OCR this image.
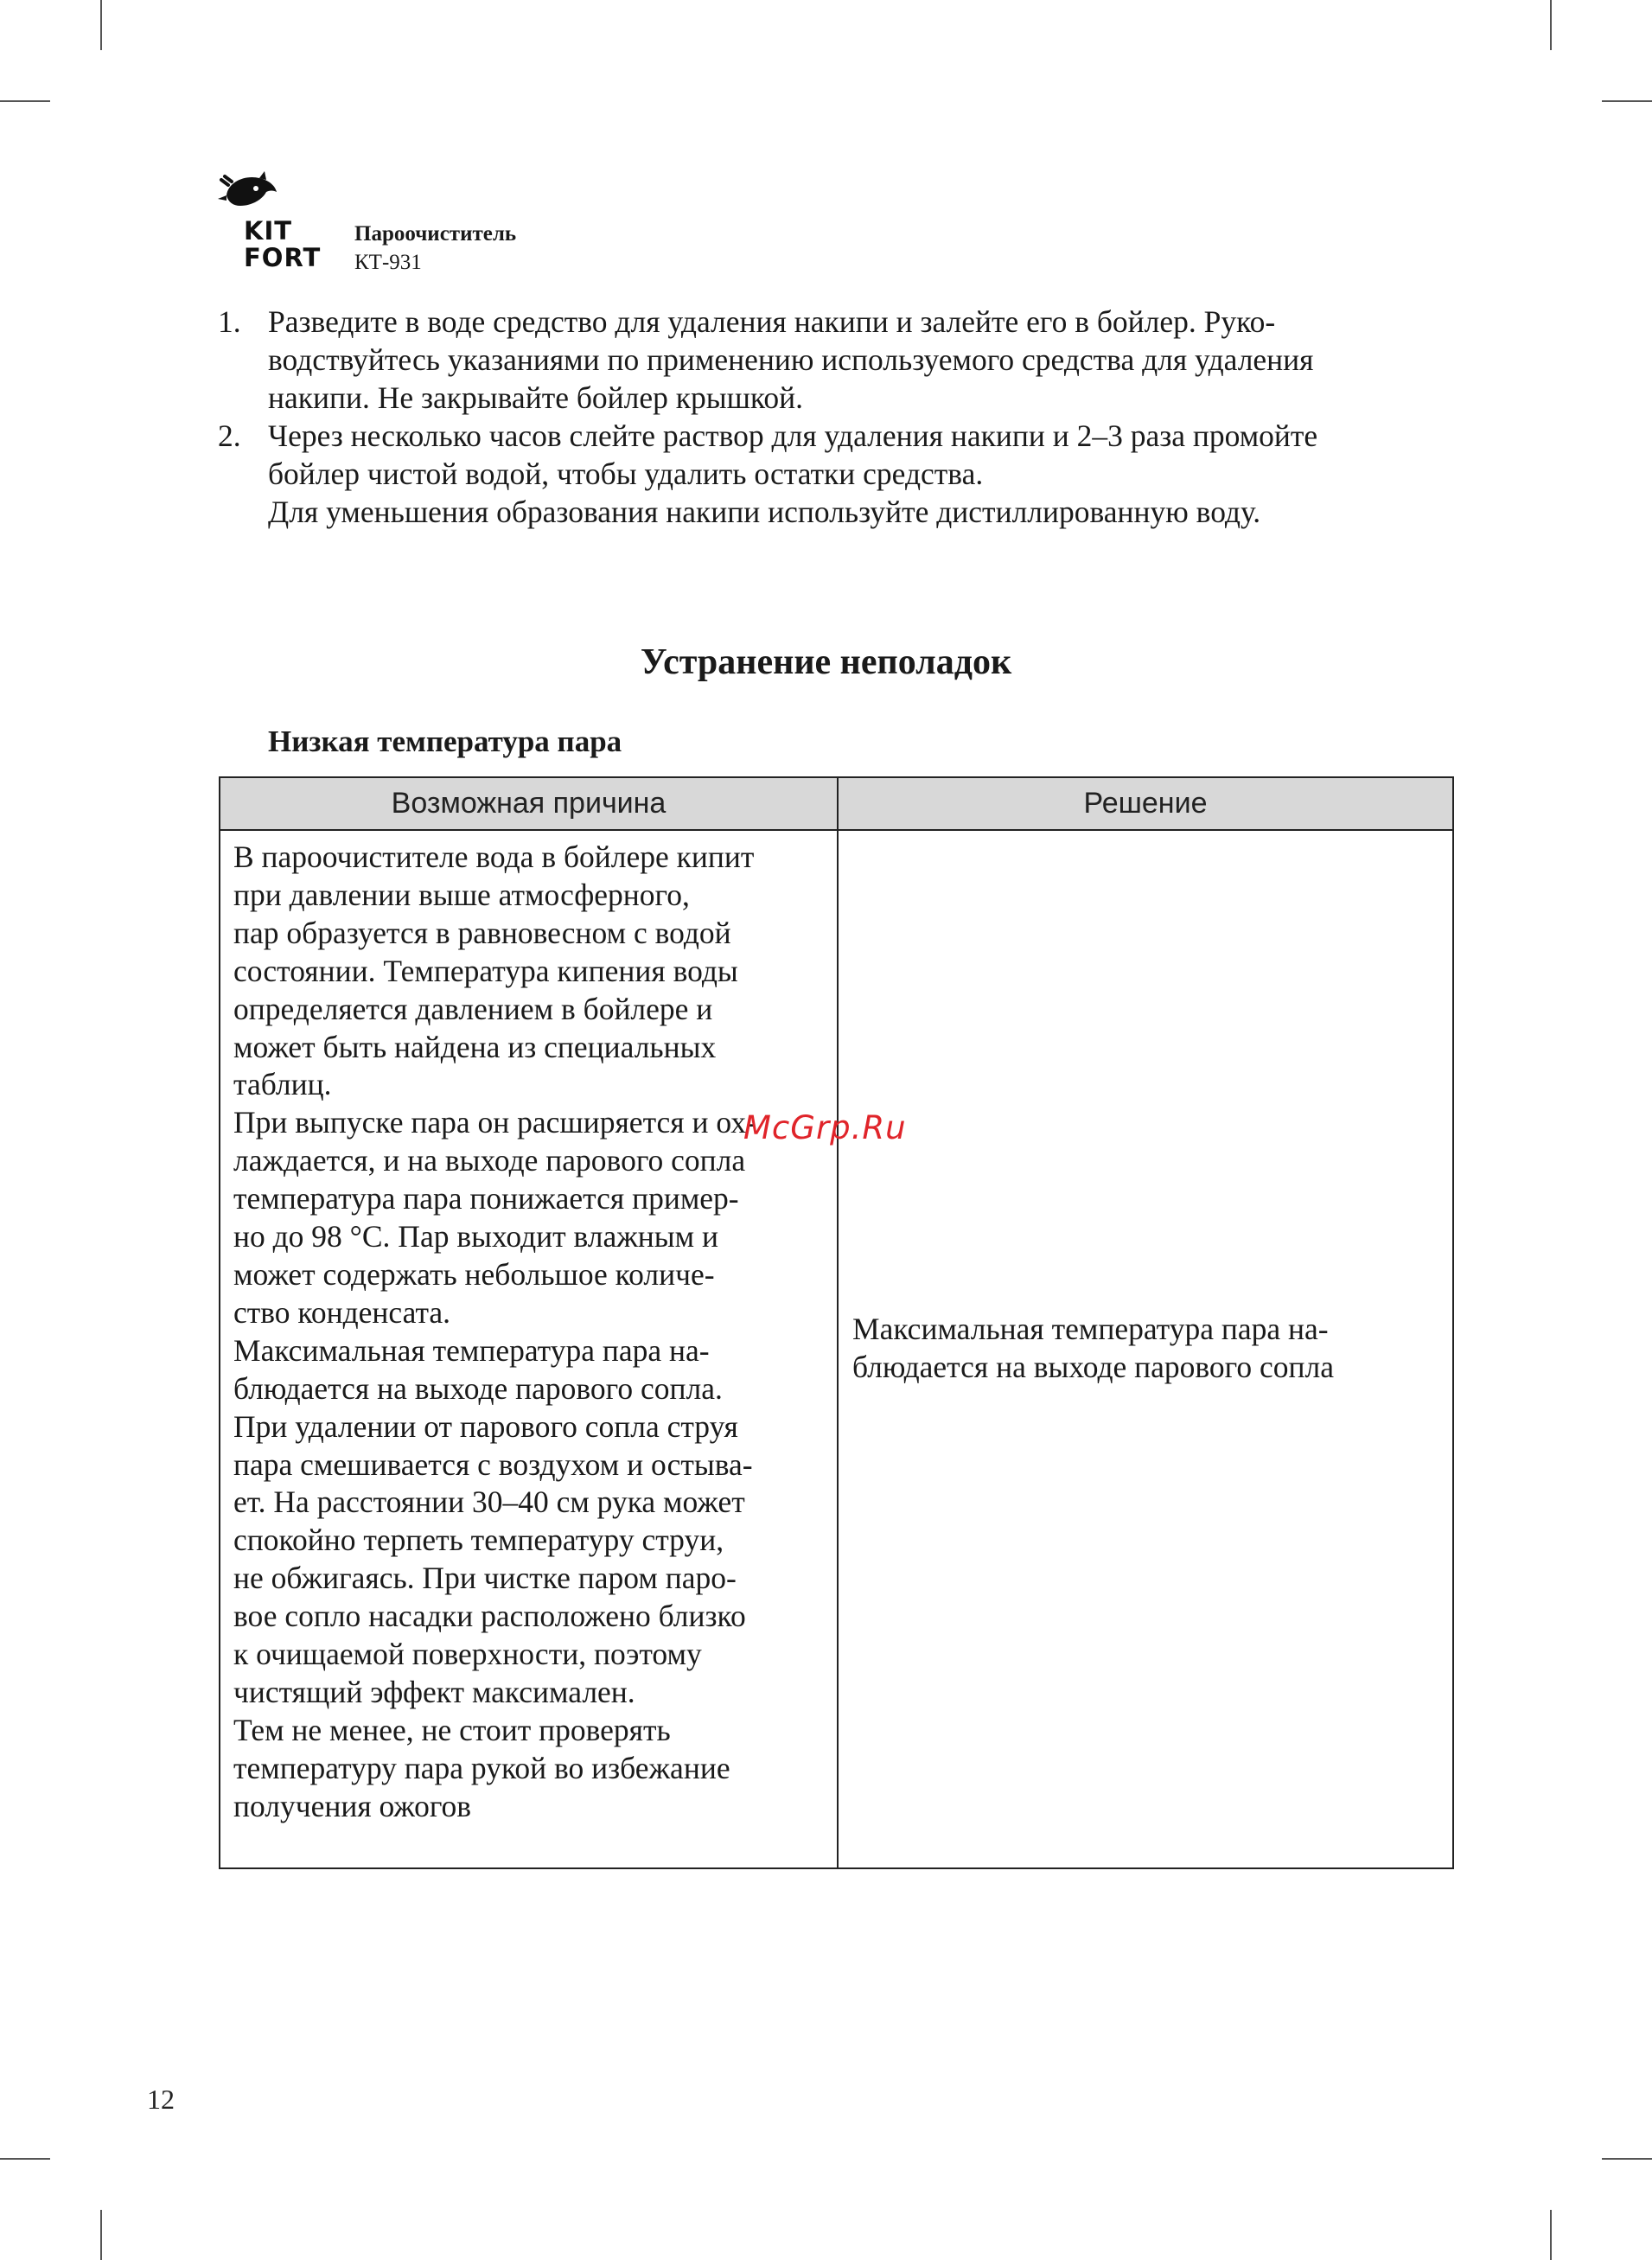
KIT
FORT
Пароочиститель
КТ-931
1. Разведите в воде средство для удаления накипи и залейте его в бойлер. Руко-
водствуйтесь указаниями по применению используемого средства для удаления
накипи. Не закрывайте бойлер крышкой.
2. Через несколько часов слейте раствор для удаления накипи и 2–3 раза промойте
бойлер чистой водой, чтобы удалить остатки средства.
Для уменьшения образования накипи используйте дистиллированную воду.
Устранение неполадок
Низкая температура пара
Возможная причина	Решение
В пароочистителе вода в бойлере кипит
при давлении выше атмосферного,
пар образуется в равновесном с водой
состоянии. Температура кипения воды
определяется давлением в бойлере и
может быть найдена из специальных
таблиц.
При выпуске пара он расширяется и ох-
лаждается, и на выходе парового сопла
температура пара понижается пример-
но до 98 °С. Пар выходит влажным и
может содержать небольшое количе-
ство конденсата.
Максимальная температура пара на-
блюдается на выходе парового сопла.
При удалении от парового сопла струя
пара смешивается с воздухом и остыва-
ет. На расстоянии 30–40 см рука может
спокойно терпеть температуру струи,
не обжигаясь. При чистке паром паро-
вое сопло насадки расположено близко
к очищаемой поверхности, поэтому
чистящий эффект максимален.
Тем не менее, не стоит проверять
температуру пара рукой во избежание
получения ожогов
Максимальная температура пара на-
блюдается на выходе парового сопла
McGrp.Ru
12
